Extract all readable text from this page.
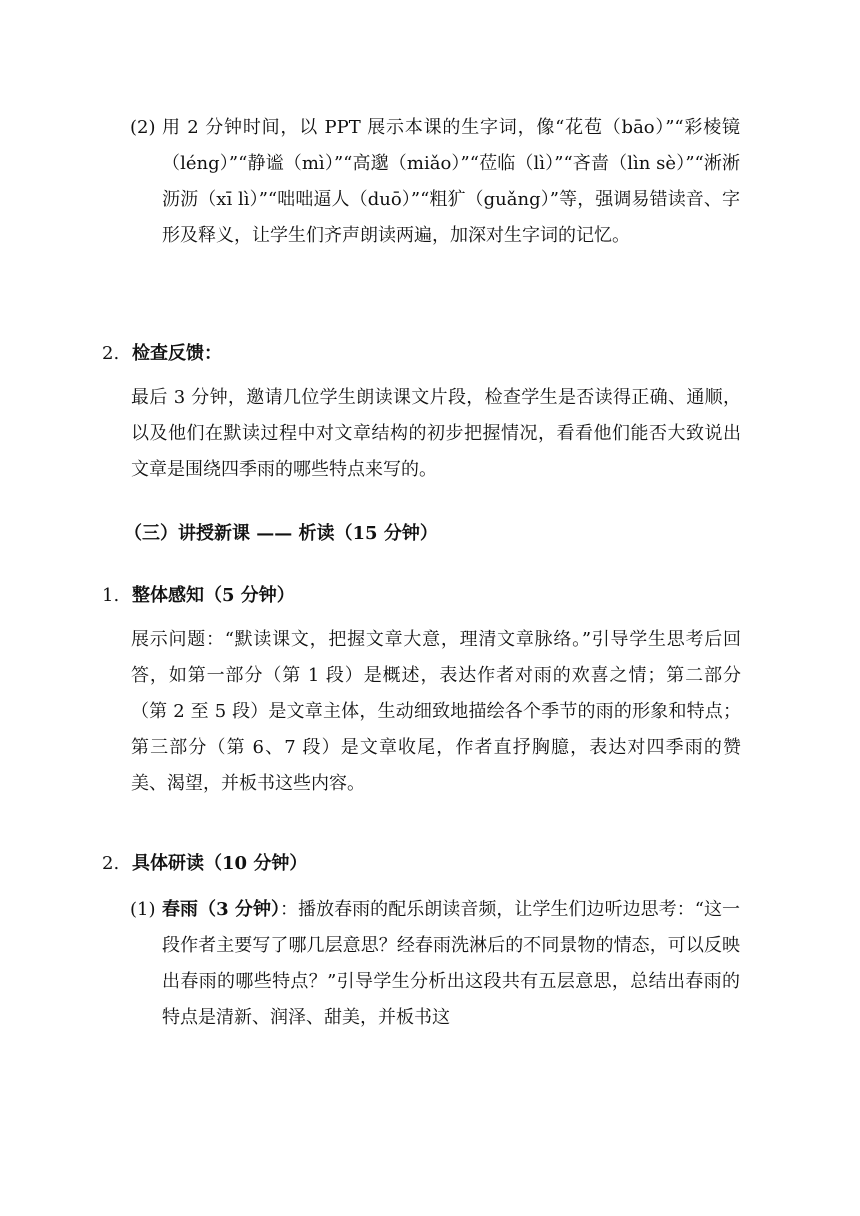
(2) 用 2 分钟时间，以 PPT 展示本课的生字词，像“花苞（bāo）”“彩棱镜（léng）”“静谧（mì）”“高邈（miǎo）”“莅临（lì）”“吝啬（lìn sè）”“淅淅沥沥（xī lì）”“咄咄逼人（duō）”“粗犷（guǎng）”等，强调易错读音、字形及释义，让学生们齐声朗读两遍，加深对生字词的记忆。

2. 检查反馈：

最后 3 分钟，邀请几位学生朗读课文片段，检查学生是否读得正确、通顺，以及他们在默读过程中对文章结构的初步把握情况，看看他们能否大致说出文章是围绕四季雨的哪些特点来写的。

（三）讲授新课 —— 析读（15 分钟）
1. 整体感知（5 分钟）

展示问题：“默读课文，把握文章大意，理清文章脉络。”引导学生思考后回答，如第一部分（第 1 段）是概述，表达作者对雨的欢喜之情；第二部分（第 2 至 5 段）是文章主体，生动细致地描绘各个季节的雨的形象和特点；第三部分（第 6、7 段）是文章收尾，作者直抒胸臆，表达对四季雨的赞美、渴望，并板书这些内容。

2. 具体研读（10 分钟）
(1) 春雨（3 分钟）：播放春雨的配乐朗读音频，让学生们边听边思考：“这一段作者主要写了哪几层意思？经春雨洗淋后的不同景物的情态，可以反映出春雨的哪些特点？”引导学生分析出这段共有五层意思，总结出春雨的特点是清新、润泽、甜美，并板书这
